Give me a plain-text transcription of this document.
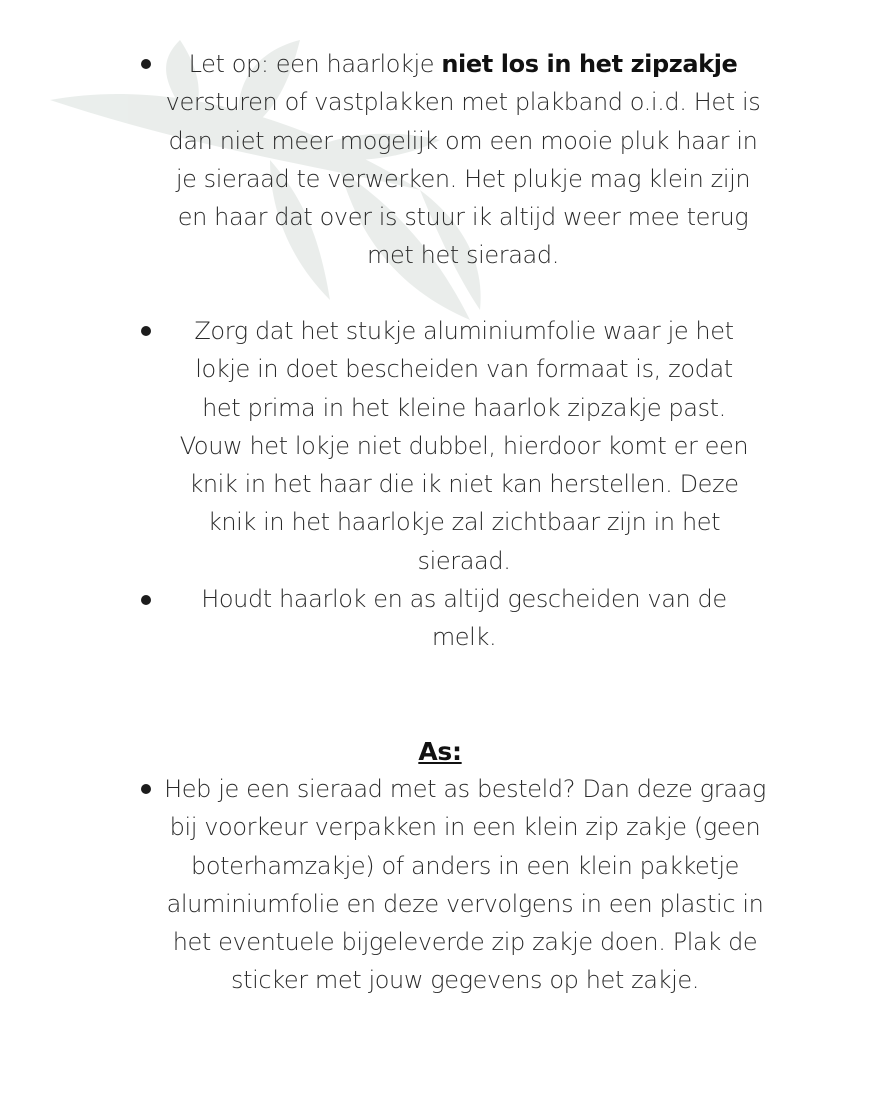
Let op: een haarlokje niet los in het zipzakje versturen of vastplakken met plakband o.i.d. Het is dan niet meer mogelijk om een mooie pluk haar in je sieraad te verwerken. Het plukje mag klein zijn en haar dat over is stuur ik altijd weer mee terug met het sieraad.
Zorg dat het stukje aluminiumfolie waar je het lokje in doet bescheiden van formaat is, zodat het prima in het kleine haarlok zipzakje past. Vouw het lokje niet dubbel, hierdoor komt er een knik in het haar die ik niet kan herstellen. Deze knik in het haarlokje zal zichtbaar zijn in het sieraad.
Houdt haarlok en as altijd gescheiden van de melk.
As:
Heb je een sieraad met as besteld? Dan deze graag bij voorkeur verpakken in een klein zip zakje (geen boterhamzakje) of anders in een klein pakketje aluminiumfolie en deze vervolgens in een plastic in het eventuele bijgeleverde zip zakje doen. Plak de sticker met jouw gegevens op het zakje.
